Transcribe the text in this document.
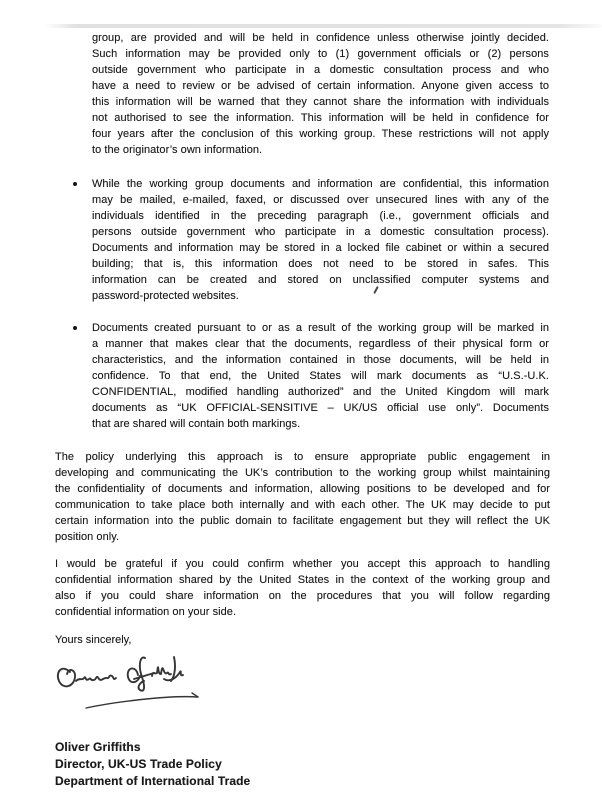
group, are provided and will be held in confidence unless otherwise jointly decided.
Such information may be provided only to (1) government officials or (2) persons
outside government who participate in a domestic consultation process and who
have a need to review or be advised of certain information. Anyone given access to
this information will be warned that they cannot share the information with individuals
not authorised to see the information. This information will be held in confidence for
four years after the conclusion of this working group. These restrictions will not apply
to the originator’s own information.
While the working group documents and information are confidential, this information
may be mailed, e-mailed, faxed, or discussed over unsecured lines with any of the
individuals identified in the preceding paragraph (i.e., government officials and
persons outside government who participate in a domestic consultation process).
Documents and information may be stored in a locked file cabinet or within a secured
building; that is, this information does not need to be stored in safes. This
information can be created and stored on unclassified computer systems and
password-protected websites.
Documents created pursuant to or as a result of the working group will be marked in
a manner that makes clear that the documents, regardless of their physical form or
characteristics, and the information contained in those documents, will be held in
confidence. To that end, the United States will mark documents as “U.S.-U.K.
CONFIDENTIAL, modified handling authorized” and the United Kingdom will mark
documents as “UK OFFICIAL-SENSITIVE – UK/US official use only”. Documents
that are shared will contain both markings.
The policy underlying this approach is to ensure appropriate public engagement in
developing and communicating the UK’s contribution to the working group whilst maintaining
the confidentiality of documents and information, allowing positions to be developed and for
communication to take place both internally and with each other. The UK may decide to put
certain information into the public domain to facilitate engagement but they will reflect the UK
position only.
I would be grateful if you could confirm whether you accept this approach to handling
confidential information shared by the United States in the context of the working group and
also if you could share information on the procedures that you will follow regarding
confidential information on your side.
Yours sincerely,
Oliver Griffiths
Director, UK-US Trade Policy
Department of International Trade
